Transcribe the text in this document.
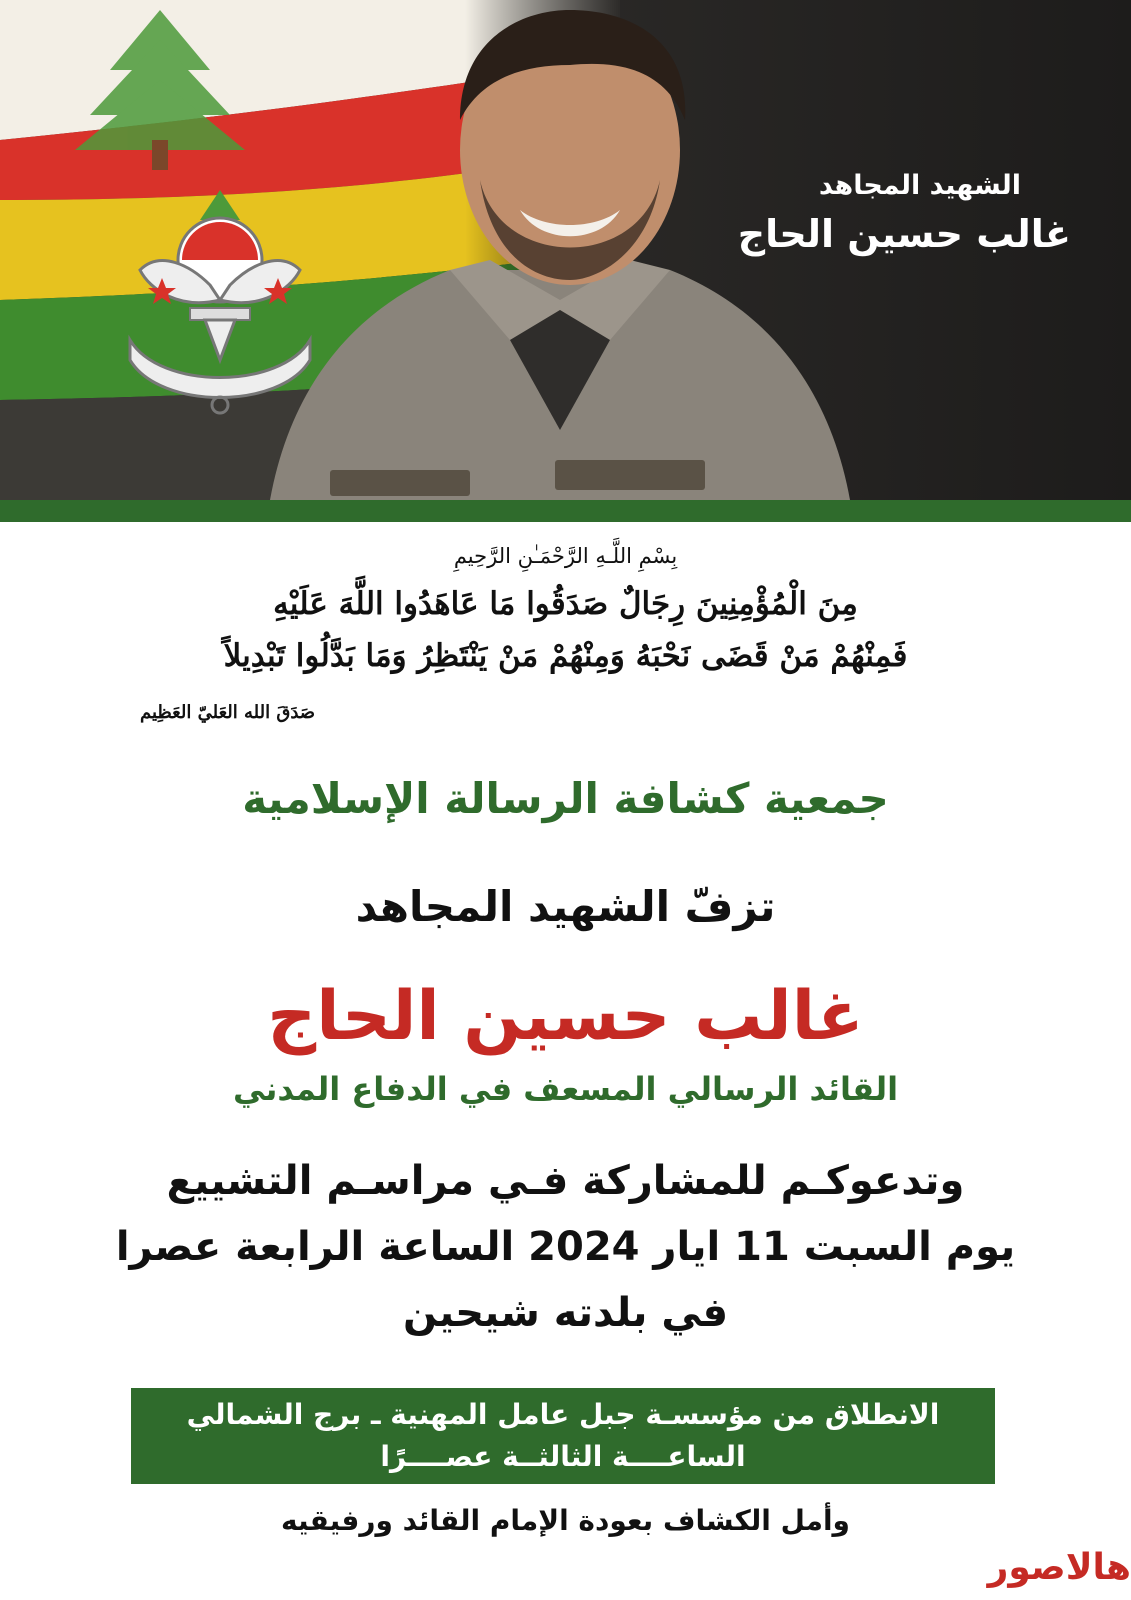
الشهيد المجاهد
غالب حسين الحاج
بِسْمِ اللَّـهِ الرَّحْمَـٰنِ الرَّحِيمِ
مِنَ الْمُؤْمِنِينَ رِجَالٌ صَدَقُوا مَا عَاهَدُوا اللَّهَ عَلَيْهِ
فَمِنْهُمْ مَنْ قَضَى نَحْبَهُ وَمِنْهُمْ مَنْ يَنْتَظِرُ وَمَا بَدَّلُوا تَبْدِيلاً
صَدَقَ الله العَليّ العَظِيم
جمعية كشافة الرسالة الإسلامية
تزفّ الشهيد المجاهد
غالب حسين الحاج
القائد الرسالي المسعف في الدفاع المدني
وتدعوكـم للمشاركة فـي مراسـم التشييع
يوم السبت 11 ايار 2024 الساعة الرابعة عصرا
في بلدته شيحين
الانطلاق من مؤسسـة جبل عامل المهنية ـ برج الشمالي
الساعــــة الثالثــة عصــــرًا
وأمل الكشاف بعودة الإمام القائد ورفيقيه
هالاصور
